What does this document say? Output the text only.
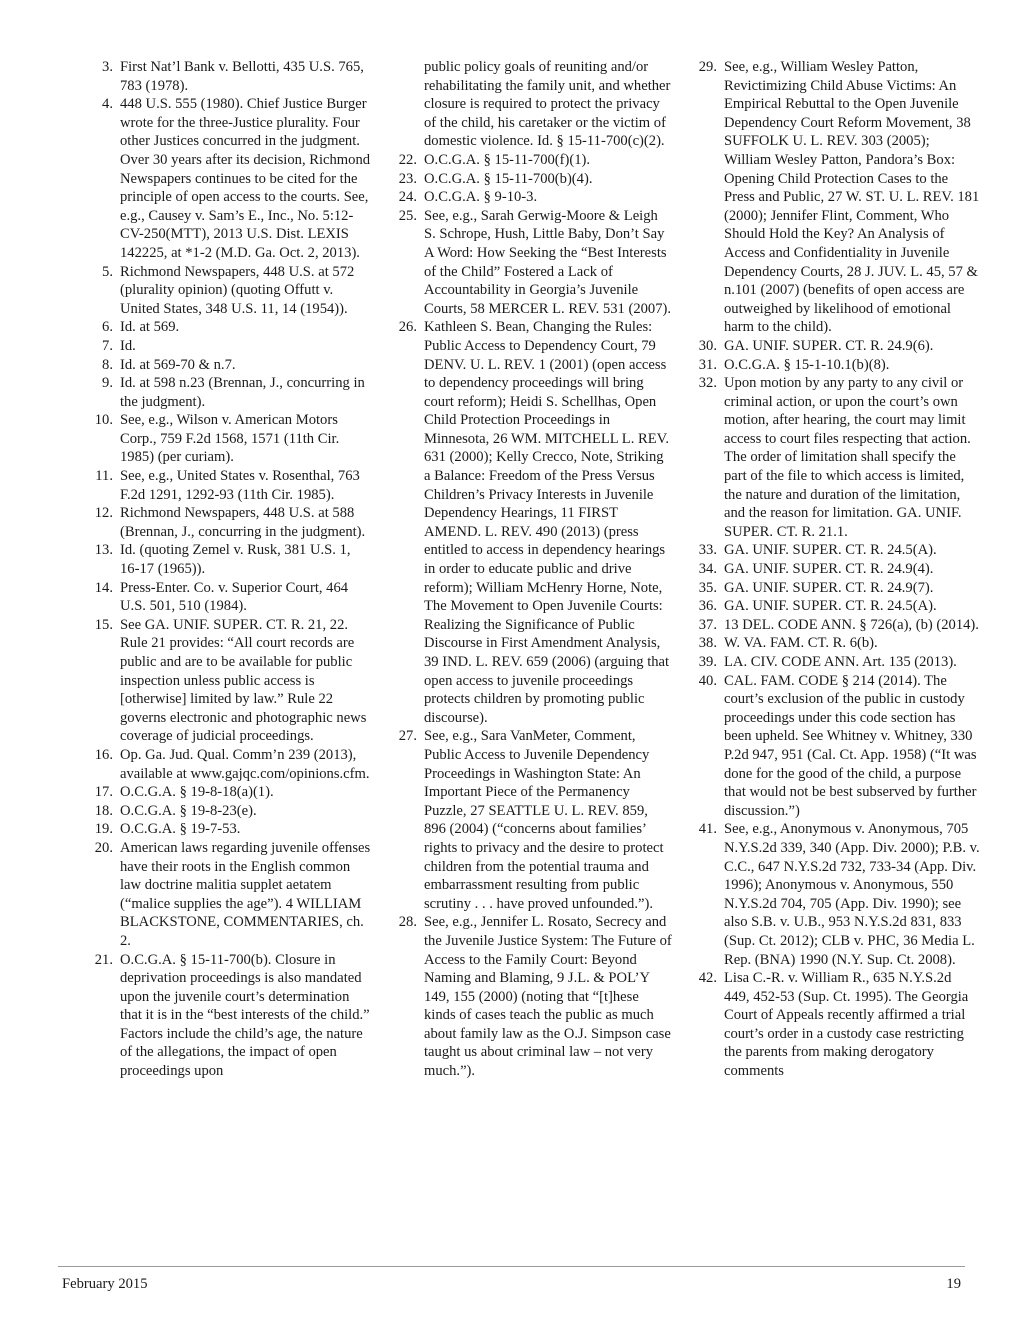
3. First Nat’l Bank v. Bellotti, 435 U.S. 765, 783 (1978).
4. 448 U.S. 555 (1980). Chief Justice Burger wrote for the three-Justice plurality. Four other Justices concurred in the judgment. Over 30 years after its decision, Richmond Newspapers continues to be cited for the principle of open access to the courts. See, e.g., Causey v. Sam’s E., Inc., No. 5:12-CV-250(MTT), 2013 U.S. Dist. LEXIS 142225, at *1-2 (M.D. Ga. Oct. 2, 2013).
5. Richmond Newspapers, 448 U.S. at 572 (plurality opinion) (quoting Offutt v. United States, 348 U.S. 11, 14 (1954)).
6. Id. at 569.
7. Id.
8. Id. at 569-70 & n.7.
9. Id. at 598 n.23 (Brennan, J., concurring in the judgment).
10. See, e.g., Wilson v. American Motors Corp., 759 F.2d 1568, 1571 (11th Cir. 1985) (per curiam).
11. See, e.g., United States v. Rosenthal, 763 F.2d 1291, 1292-93 (11th Cir. 1985).
12. Richmond Newspapers, 448 U.S. at 588 (Brennan, J., concurring in the judgment).
13. Id. (quoting Zemel v. Rusk, 381 U.S. 1, 16-17 (1965)).
14. Press-Enter. Co. v. Superior Court, 464 U.S. 501, 510 (1984).
15. See GA. UNIF. SUPER. CT. R. 21, 22. Rule 21 provides: “All court records are public and are to be available for public inspection unless public access is [otherwise] limited by law.” Rule 22 governs electronic and photographic news coverage of judicial proceedings.
16. Op. Ga. Jud. Qual. Comm’n 239 (2013), available at www.gajqc.com/opinions.cfm.
17. O.C.G.A. § 19-8-18(a)(1).
18. O.C.G.A. § 19-8-23(e).
19. O.C.G.A. § 19-7-53.
20. American laws regarding juvenile offenses have their roots in the English common law doctrine malitia supplet aetatem (“malice supplies the age”). 4 WILLIAM BLACKSTONE, COMMENTARIES, ch. 2.
21. O.C.G.A. § 15-11-700(b). Closure in deprivation proceedings is also mandated upon the juvenile court’s determination that it is in the “best interests of the child.” Factors include the child’s age, the nature of the allegations, the impact of open proceedings upon
public policy goals of reuniting and/or rehabilitating the family unit, and whether closure is required to protect the privacy of the child, his caretaker or the victim of domestic violence. Id. § 15-11-700(c)(2).
22. O.C.G.A. § 15-11-700(f)(1).
23. O.C.G.A. § 15-11-700(b)(4).
24. O.C.G.A. § 9-10-3.
25. See, e.g., Sarah Gerwig-Moore & Leigh S. Schrope, Hush, Little Baby, Don’t Say A Word: How Seeking the “Best Interests of the Child” Fostered a Lack of Accountability in Georgia’s Juvenile Courts, 58 MERCER L. REV. 531 (2007).
26. Kathleen S. Bean, Changing the Rules: Public Access to Dependency Court, 79 DENV. U. L. REV. 1 (2001) (open access to dependency proceedings will bring court reform); Heidi S. Schellhas, Open Child Protection Proceedings in Minnesota, 26 WM. MITCHELL L. REV. 631 (2000); Kelly Crecco, Note, Striking a Balance: Freedom of the Press Versus Children’s Privacy Interests in Juvenile Dependency Hearings, 11 FIRST AMEND. L. REV. 490 (2013) (press entitled to access in dependency hearings in order to educate public and drive reform); William McHenry Horne, Note, The Movement to Open Juvenile Courts: Realizing the Significance of Public Discourse in First Amendment Analysis, 39 IND. L. REV. 659 (2006) (arguing that open access to juvenile proceedings protects children by promoting public discourse).
27. See, e.g., Sara VanMeter, Comment, Public Access to Juvenile Dependency Proceedings in Washington State: An Important Piece of the Permanency Puzzle, 27 SEATTLE U. L. REV. 859, 896 (2004) (“concerns about families’ rights to privacy and the desire to protect children from the potential trauma and embarrassment resulting from public scrutiny . . . have proved unfounded.”).
28. See, e.g., Jennifer L. Rosato, Secrecy and the Juvenile Justice System: The Future of Access to the Family Court: Beyond Naming and Blaming, 9 J.L. & POL’Y 149, 155 (2000) (noting that “[t]hese kinds of cases teach the public as much about family law as the O.J. Simpson case taught us about criminal law – not very much.”).
29. See, e.g., William Wesley Patton, Revictimizing Child Abuse Victims: An Empirical Rebuttal to the Open Juvenile Dependency Court Reform Movement, 38 SUFFOLK U. L. REV. 303 (2005); William Wesley Patton, Pandora’s Box: Opening Child Protection Cases to the Press and Public, 27 W. ST. U. L. REV. 181 (2000); Jennifer Flint, Comment, Who Should Hold the Key? An Analysis of Access and Confidentiality in Juvenile Dependency Courts, 28 J. JUV. L. 45, 57 & n.101 (2007) (benefits of open access are outweighed by likelihood of emotional harm to the child).
30. GA. UNIF. SUPER. CT. R. 24.9(6).
31. O.C.G.A. § 15-1-10.1(b)(8).
32. Upon motion by any party to any civil or criminal action, or upon the court’s own motion, after hearing, the court may limit access to court files respecting that action. The order of limitation shall specify the part of the file to which access is limited, the nature and duration of the limitation, and the reason for limitation. GA. UNIF. SUPER. CT. R. 21.1.
33. GA. UNIF. SUPER. CT. R. 24.5(A).
34. GA. UNIF. SUPER. CT. R. 24.9(4).
35. GA. UNIF. SUPER. CT. R. 24.9(7).
36. GA. UNIF. SUPER. CT. R. 24.5(A).
37. 13 DEL. CODE ANN. § 726(a), (b) (2014).
38. W. VA. FAM. CT. R. 6(b).
39. LA. CIV. CODE ANN. Art. 135 (2013).
40. CAL. FAM. CODE § 214 (2014). The court’s exclusion of the public in custody proceedings under this code section has been upheld. See Whitney v. Whitney, 330 P.2d 947, 951 (Cal. Ct. App. 1958) (“It was done for the good of the child, a purpose that would not be best subserved by further discussion.”)
41. See, e.g., Anonymous v. Anonymous, 705 N.Y.S.2d 339, 340 (App. Div. 2000); P.B. v. C.C., 647 N.Y.S.2d 732, 733-34 (App. Div. 1996); Anonymous v. Anonymous, 550 N.Y.S.2d 704, 705 (App. Div. 1990); see also S.B. v. U.B., 953 N.Y.S.2d 831, 833 (Sup. Ct. 2012); CLB v. PHC, 36 Media L. Rep. (BNA) 1990 (N.Y. Sup. Ct. 2008).
42. Lisa C.-R. v. William R., 635 N.Y.S.2d 449, 452-53 (Sup. Ct. 1995). The Georgia Court of Appeals recently affirmed a trial court’s order in a custody case restricting the parents from making derogatory comments
February 2015	19
